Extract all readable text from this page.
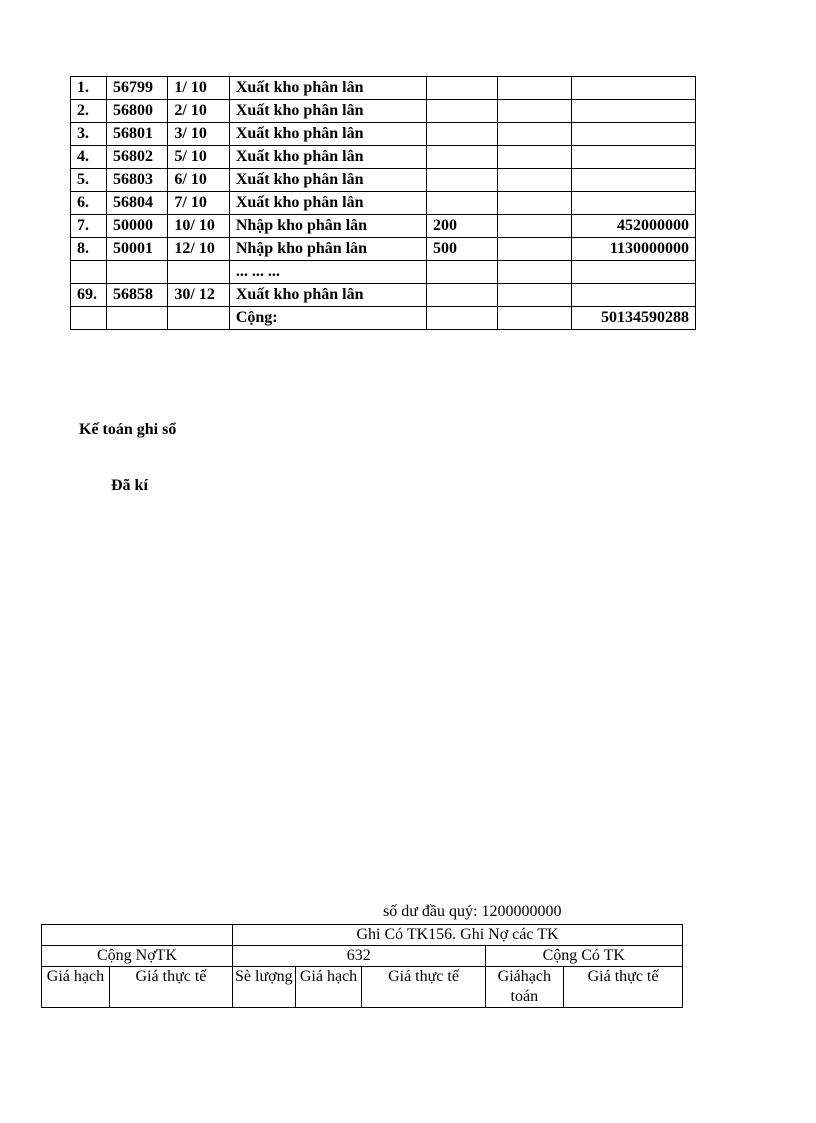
1.	56799	1/ 10	Xuất kho phân lân			
2.	56800	2/ 10	Xuất kho phân lân			
3.	56801	3/ 10	Xuất kho phân lân			
4.	56802	5/ 10	Xuất kho phân lân			
5.	56803	6/ 10	Xuất kho phân lân			
6.	56804	7/ 10	Xuất kho phân lân			
7.	50000	10/ 10	Nhập kho phân lân	200		452000000
8.	50001	12/ 10	Nhập kho phân lân	500		1130000000
			... ... ...			
69.	56858	30/ 12	Xuất kho phân lân			
			Cộng:			50134590288
Kế toán ghi sổ
Đã kí
số dư đầu quý: 1200000000
		Ghi Có TK156. Ghi Nợ các TK				
Cộng NợTK		632			Cộng Có TK	
Giá hạch	Giá thực tế	Sè lượng	Giá hạch	Giá thực tế	Giáhạch toán	Giá thực tế
